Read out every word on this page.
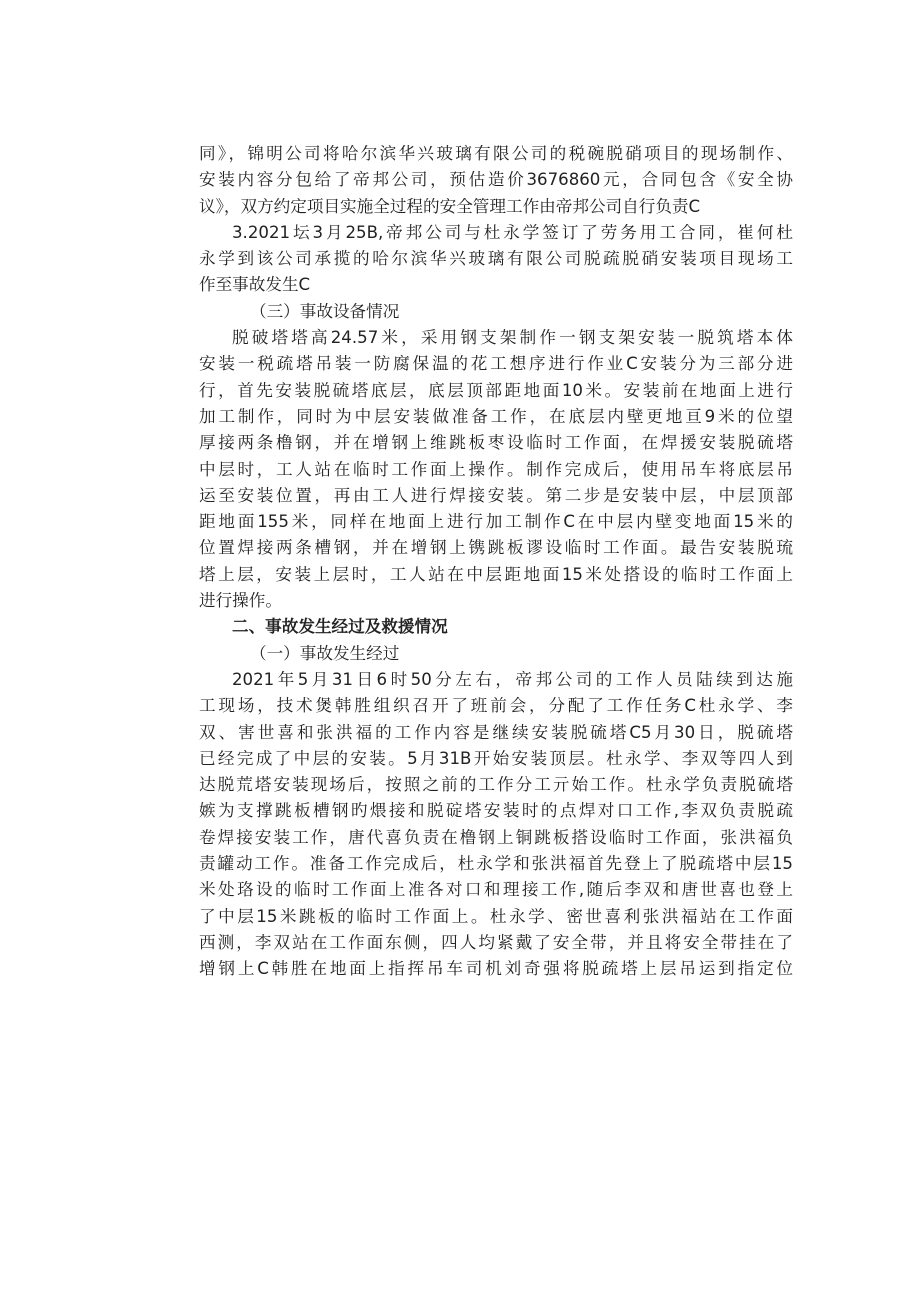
同》，锦明公司将哈尔滨华兴玻璃有限公司的税碗脱硝项目的现场制作、
安装内容分包给了帝邦公司，预估造价3676860元，合同包含《安全协
议》，双方约定项目实施全过程的安全管理工作由帝邦公司自行负责C
3.2021坛3月25B,帝邦公司与杜永学签订了劳务用工合同，崔何杜
永学到该公司承揽的哈尔滨华兴玻璃有限公司脱疏脱硝安装项目现场工
作至事故发生C
（三）事故设备情况
脱破塔塔高24.57米，采用钢支架制作一钢支架安装一脱筑塔本体
安装一税疏塔吊装一防腐保温的花工想序进行作业C安装分为三部分进
行，首先安装脱硫塔底层，底层顶部距地面10米。安装前在地面上进行
加工制作，同时为中层安装做准备工作，在底层内壁更地亘9米的位望
厚接两条橹钢，并在增钢上维跳板枣设临时工作面，在焊援安装脱硫塔
中层时，工人站在临时工作面上操作。制作完成后，使用吊车将底层吊
运至安装位置，再由工人进行焊接安装。第二步是安装中层，中层顶部
距地面155米，同样在地面上进行加工制作C在中层内壁变地面15米的
位置焊接两条槽钢，并在增钢上镌跳板谬设临时工作面。最告安装脱琉
塔上层，安装上层时，工人站在中层距地面15米处搭设的临时工作面上
进行操作。
二、事故发生经过及救援情况
（一）事故发生经过
2021年5月31日6时50分左右，帝邦公司的工作人员陆续到达施
工现场，技术煲韩胜组织召开了班前会，分配了工作任务C杜永学、李
双、害世喜和张洪福的工作内容是继续安装脱硫塔C5月30日，脱硫塔
已经完成了中层的安装。5月31B开始安装顶层。杜永学、李双等四人到
达脱荒塔安装现场后，按照之前的工作分工亓始工作。杜永学负责脱硫塔
嫉为支撑跳板槽钢旳煨接和脱碇塔安装时的点焊对口工作,李双负责脱疏
卷焊接安装工作，唐代喜负责在橹钢上铜跳板搭设临时工作面，张洪福负
责罐动工作。准备工作完成后，杜永学和张洪福首先登上了脱疏塔中层15
米处珞设的临时工作面上准各对口和理接工作,随后李双和唐世喜也登上
了中层15米跳板的临时工作面上。杜永学、密世喜利张洪福站在工作面
西测，李双站在工作面东侧，四人均紧戴了安全带，并且将安全带挂在了
增钢上C韩胜在地面上指挥吊车司机刘奇强将脱疏塔上层吊运到指定位
